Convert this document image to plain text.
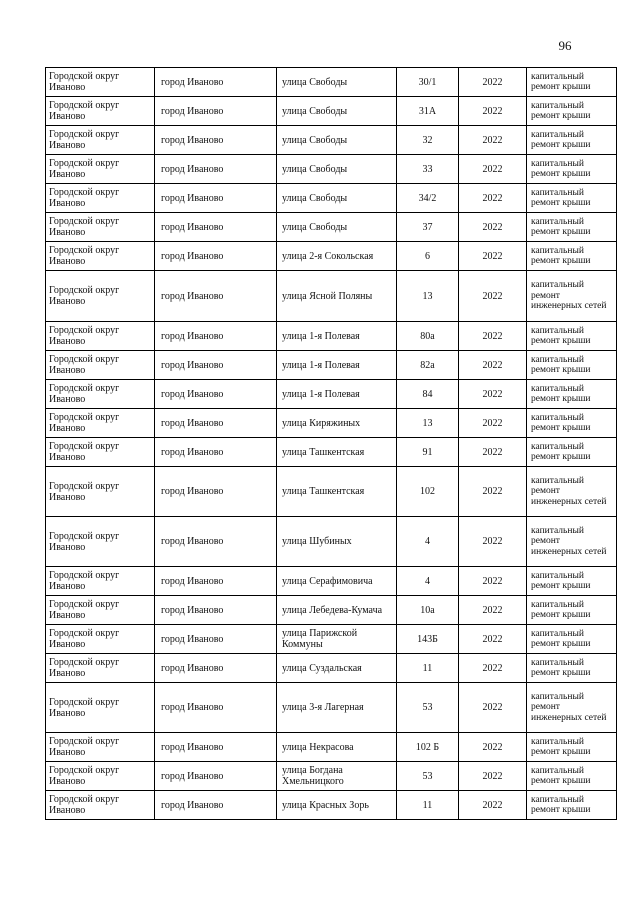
96
Городской округ Иваново	город Иваново	улица Свободы	30/1	2022	капитальный ремонт крыши
Городской округ Иваново	город Иваново	улица Свободы	31А	2022	капитальный ремонт крыши
Городской округ Иваново	город Иваново	улица Свободы	32	2022	капитальный ремонт крыши
Городской округ Иваново	город Иваново	улица Свободы	33	2022	капитальный ремонт крыши
Городской округ Иваново	город Иваново	улица Свободы	34/2	2022	капитальный ремонт крыши
Городской округ Иваново	город Иваново	улица Свободы	37	2022	капитальный ремонт крыши
Городской округ Иваново	город Иваново	улица 2-я Сокольская	6	2022	капитальный ремонт крыши
Городской округ Иваново	город Иваново	улица Ясной Поляны	13	2022	капитальный ремонт инженерных сетей
Городской округ Иваново	город Иваново	улица 1-я Полевая	80а	2022	капитальный ремонт крыши
Городской округ Иваново	город Иваново	улица 1-я Полевая	82а	2022	капитальный ремонт крыши
Городской округ Иваново	город Иваново	улица 1-я Полевая	84	2022	капитальный ремонт крыши
Городской округ Иваново	город Иваново	улица Киряжиных	13	2022	капитальный ремонт крыши
Городской округ Иваново	город Иваново	улица Ташкентская	91	2022	капитальный ремонт крыши
Городской округ Иваново	город Иваново	улица Ташкентская	102	2022	капитальный ремонт инженерных сетей
Городской округ Иваново	город Иваново	улица Шубиных	4	2022	капитальный ремонт инженерных сетей
Городской округ Иваново	город Иваново	улица Серафимовича	4	2022	капитальный ремонт крыши
Городской округ Иваново	город Иваново	улица Лебедева-Кумача	10а	2022	капитальный ремонт крыши
Городской округ Иваново	город Иваново	улица Парижской Коммуны	143Б	2022	капитальный ремонт крыши
Городской округ Иваново	город Иваново	улица Суздальская	11	2022	капитальный ремонт крыши
Городской округ Иваново	город Иваново	улица 3-я Лагерная	53	2022	капитальный ремонт инженерных сетей
Городской округ Иваново	город Иваново	улица Некрасова	102 Б	2022	капитальный ремонт крыши
Городской округ Иваново	город Иваново	улица Богдана Хмельницкого	53	2022	капитальный ремонт крыши
Городской округ Иваново	город Иваново	улица Красных Зорь	11	2022	капитальный ремонт крыши
